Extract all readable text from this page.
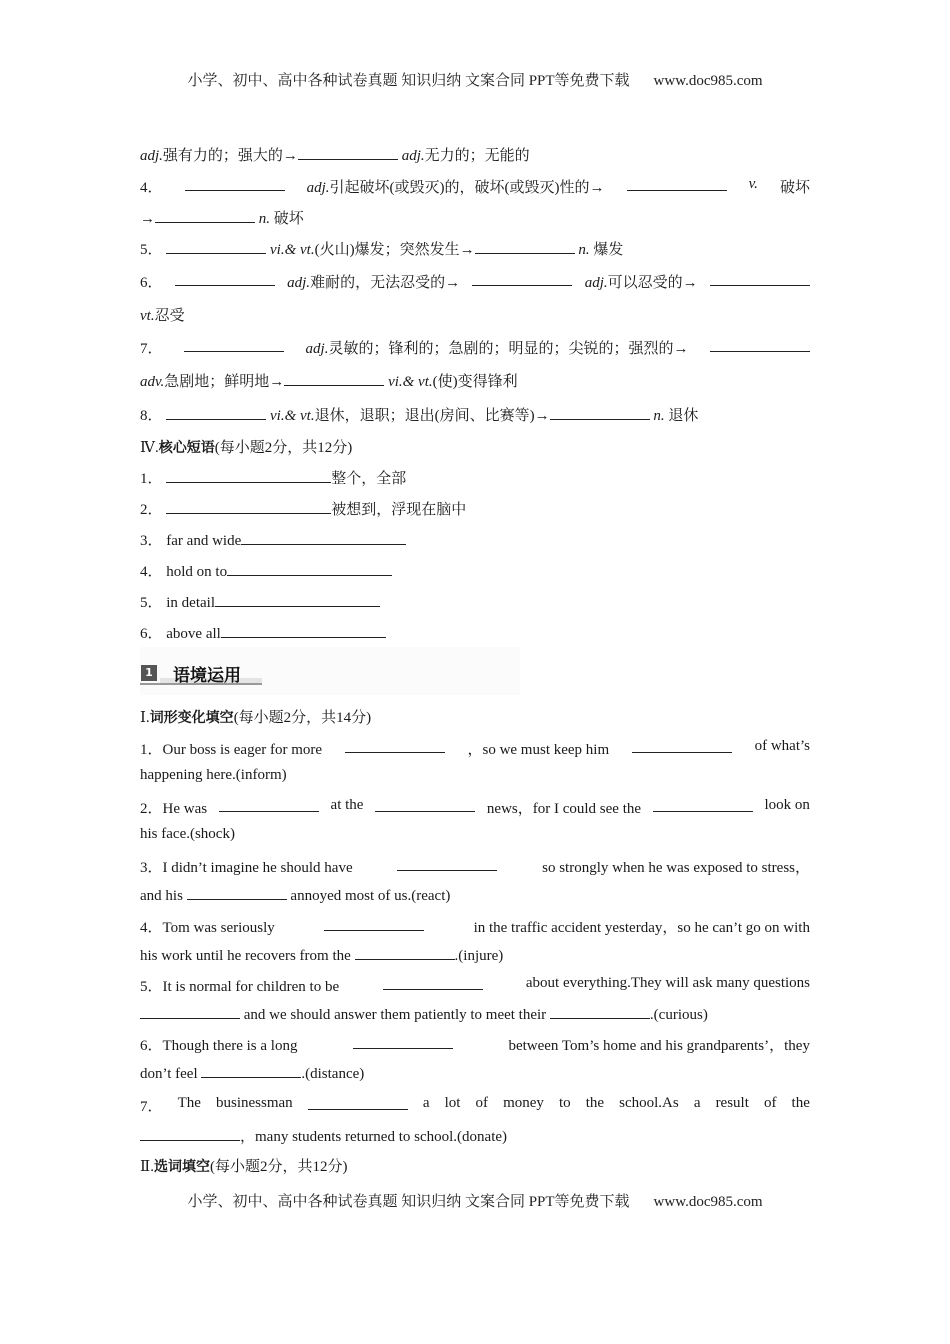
小学、初中、高中各种试卷真题 知识归纳 文案合同 PPT等免费下载 www.doc985.com
adj.强有力的；强大的→	adj.无力的；无能的
4．	adj.引起破坏(或毁灭)的，破坏(或毁灭)性的→	v. 破坏
→	n. 破坏
5．	vi.& vt.(火山)爆发；突然发生→	n. 爆发
6．	adj.难耐的，无法忍受的→	adj.可以忍受的→
vt.忍受
7．	adj.灵敏的；锋利的；急剧的；明显的；尖锐的；强烈的→
adv.急剧地；鲜明地→	vi.& vt.(使)变得锋利
8．	vi.& vt.退休，退职；退出(房间、比赛等)→	n. 退休
Ⅳ.核心短语(每小题2分，共12分)
1．	整个，全部
2．	被想到，浮现在脑中
3． far and wide
4． hold on to
5． in detail
6． above all
1 语境运用
Ⅰ.词形变化填空(每小题2分，共14分)
1．Our boss is eager for more	，so we must keep him	of what’s
happening here.(inform)
2．He was	at the	news，for I could see the	look on
his face.(shock)
3．I didn’t imagine he should have	so strongly when he was exposed to stress，
and his	annoyed most of us.(react)
4．Tom was seriously	in the traffic accident yesterday，so he can’t go on with
his work until he recovers from the	.(injure)
5．It is normal for children to be	about everything.They will ask many questions
and we should answer them patiently to meet their	.(curious)
6．Though there is a long	between Tom’s home and his grandparents’，they
don’t feel	.(distance)
7． The businessman	a lot of money to the school.As a result of the
，many students returned to school.(donate)
Ⅱ.选词填空(每小题2分，共12分)
小学、初中、高中各种试卷真题 知识归纳 文案合同 PPT等免费下载 www.doc985.com
